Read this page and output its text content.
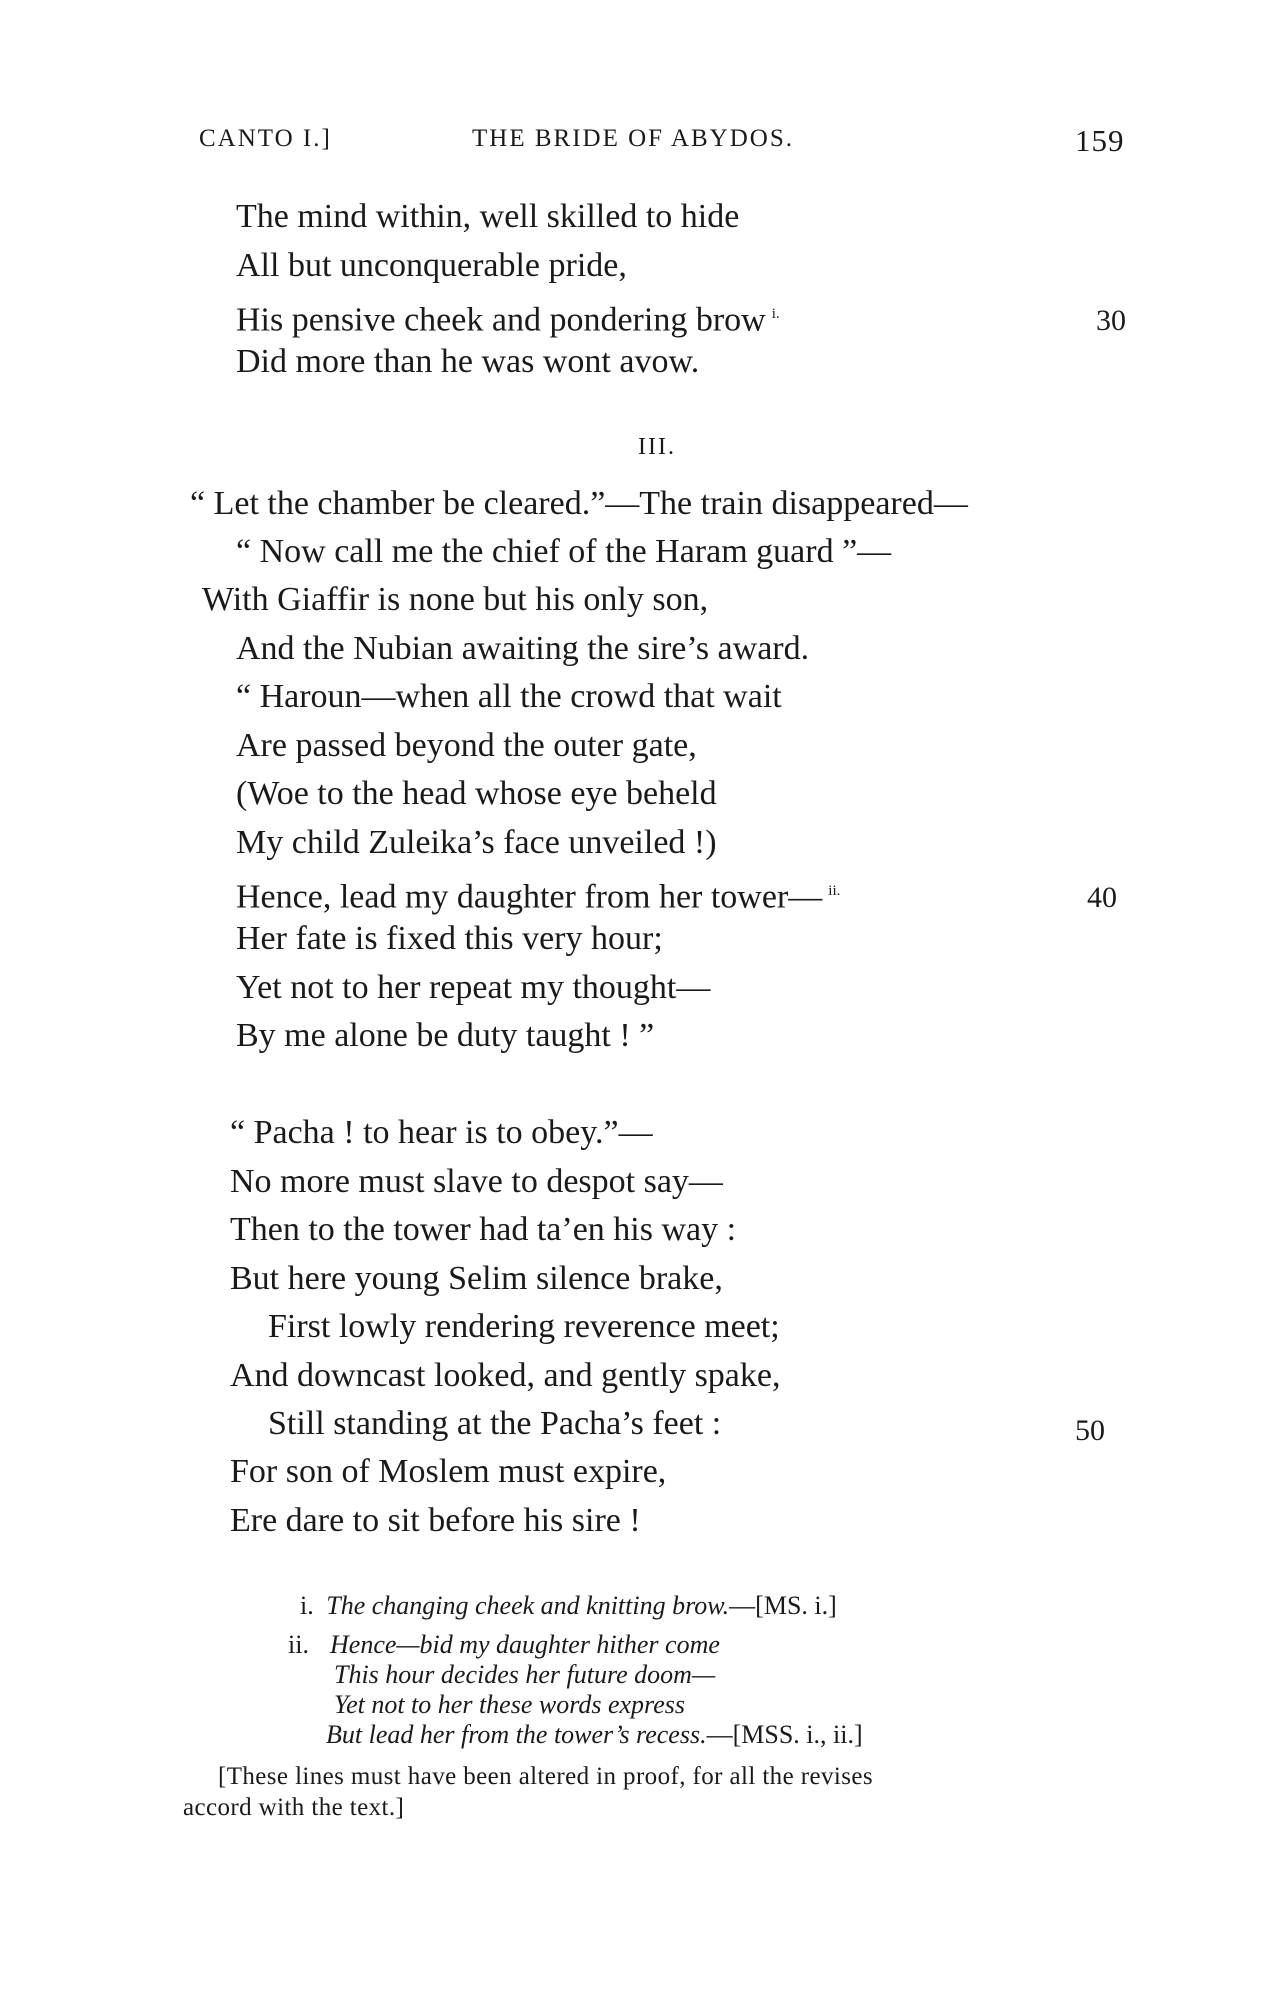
CANTO I.]	THE BRIDE OF ABYDOS.	159
The mind within, well skilled to hide
All but unconquerable pride,
His pensive cheek and pondering brow $^{i.}$	30
Did more than he was wont avow.
III.
“ Let the chamber be cleared.”—The train disappeared—
“ Now call me the chief of the Haram guard ”—
With Giaffir is none but his only son,
And the Nubian awaiting the sire’s award.
“ Haroun—when all the crowd that wait
Are passed beyond the outer gate,
(Woe to the head whose eye beheld
My child Zuleika’s face unveiled !)
Hence, lead my daughter from her tower— $^{ii.}$	40
Her fate is fixed this very hour;
Yet not to her repeat my thought—
By me alone be duty taught ! ”
“ Pacha ! to hear is to obey.”—
No more must slave to despot say—
Then to the tower had ta’en his way :
But here young Selim silence brake,
First lowly rendering reverence meet;
And downcast looked, and gently spake,
Still standing at the Pacha’s feet :	50
For son of Moslem must expire,
Ere dare to sit before his sire !
i. The changing cheek and knitting brow.—[MS. i.]
ii. Hence—bid my daughter hither come
This hour decides her future doom—
Yet not to her these words express
But lead her from the tower’s recess.—[MSS. i., ii.]
[These lines must have been altered in proof, for all the revises
accord with the text.]
